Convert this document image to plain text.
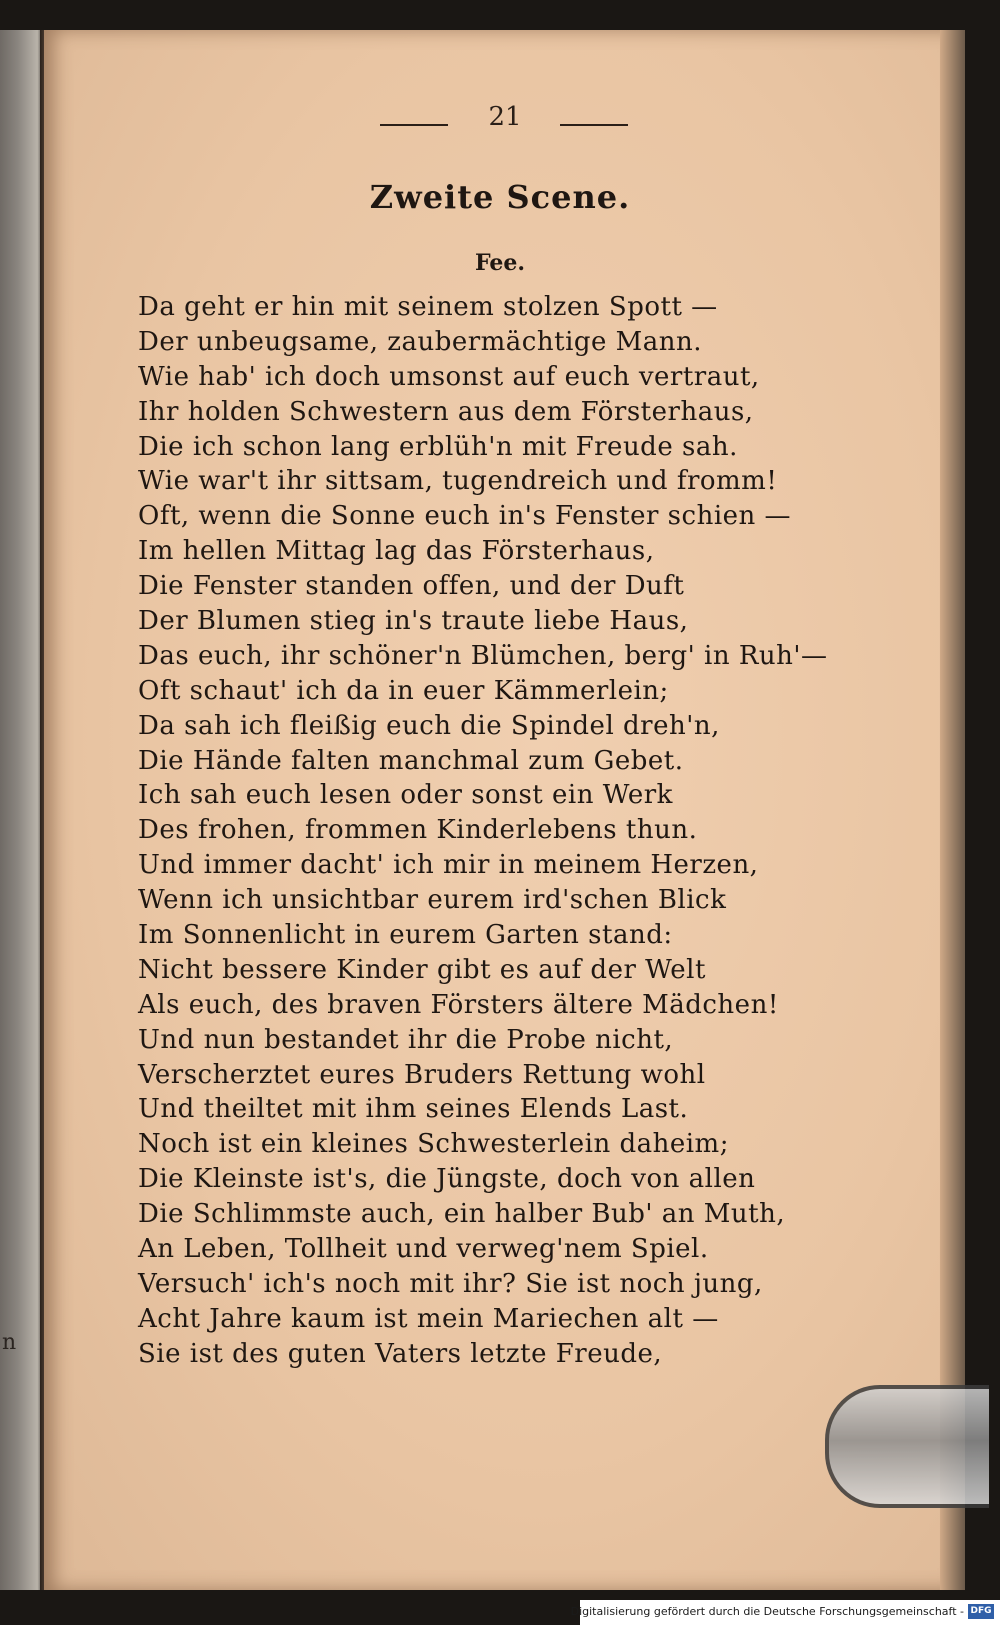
n
21
Zweite Scene.
Fee.
Da geht er hin mit seinem stolzen Spott —
Der unbeugsame, zaubermächtige Mann.
Wie hab' ich doch umsonst auf euch vertraut,
Ihr holden Schwestern aus dem Försterhaus,
Die ich schon lang erblüh'n mit Freude sah.
Wie war't ihr sittsam, tugendreich und fromm!
Oft, wenn die Sonne euch in's Fenster schien —
Im hellen Mittag lag das Försterhaus,
Die Fenster standen offen, und der Duft
Der Blumen stieg in's traute liebe Haus,
Das euch, ihr schöner'n Blümchen, berg' in Ruh'—
Oft schaut' ich da in euer Kämmerlein;
Da sah ich fleißig euch die Spindel dreh'n,
Die Hände falten manchmal zum Gebet.
Ich sah euch lesen oder sonst ein Werk
Des frohen, frommen Kinderlebens thun.
Und immer dacht' ich mir in meinem Herzen,
Wenn ich unsichtbar eurem ird'schen Blick
Im Sonnenlicht in eurem Garten stand:
Nicht bessere Kinder gibt es auf der Welt
Als euch, des braven Försters ältere Mädchen!
Und nun bestandet ihr die Probe nicht,
Verscherztet eures Bruders Rettung wohl
Und theiltet mit ihm seines Elends Last.
Noch ist ein kleines Schwesterlein daheim;
Die Kleinste ist's, die Jüngste, doch von allen
Die Schlimmste auch, ein halber Bub' an Muth,
An Leben, Tollheit und verweg'nem Spiel.
Versuch' ich's noch mit ihr? Sie ist noch jung,
Acht Jahre kaum ist mein Mariechen alt —
Sie ist des guten Vaters letzte Freude,
Digitalisierung gefördert durch die Deutsche Forschungsgemeinschaft - DFG
